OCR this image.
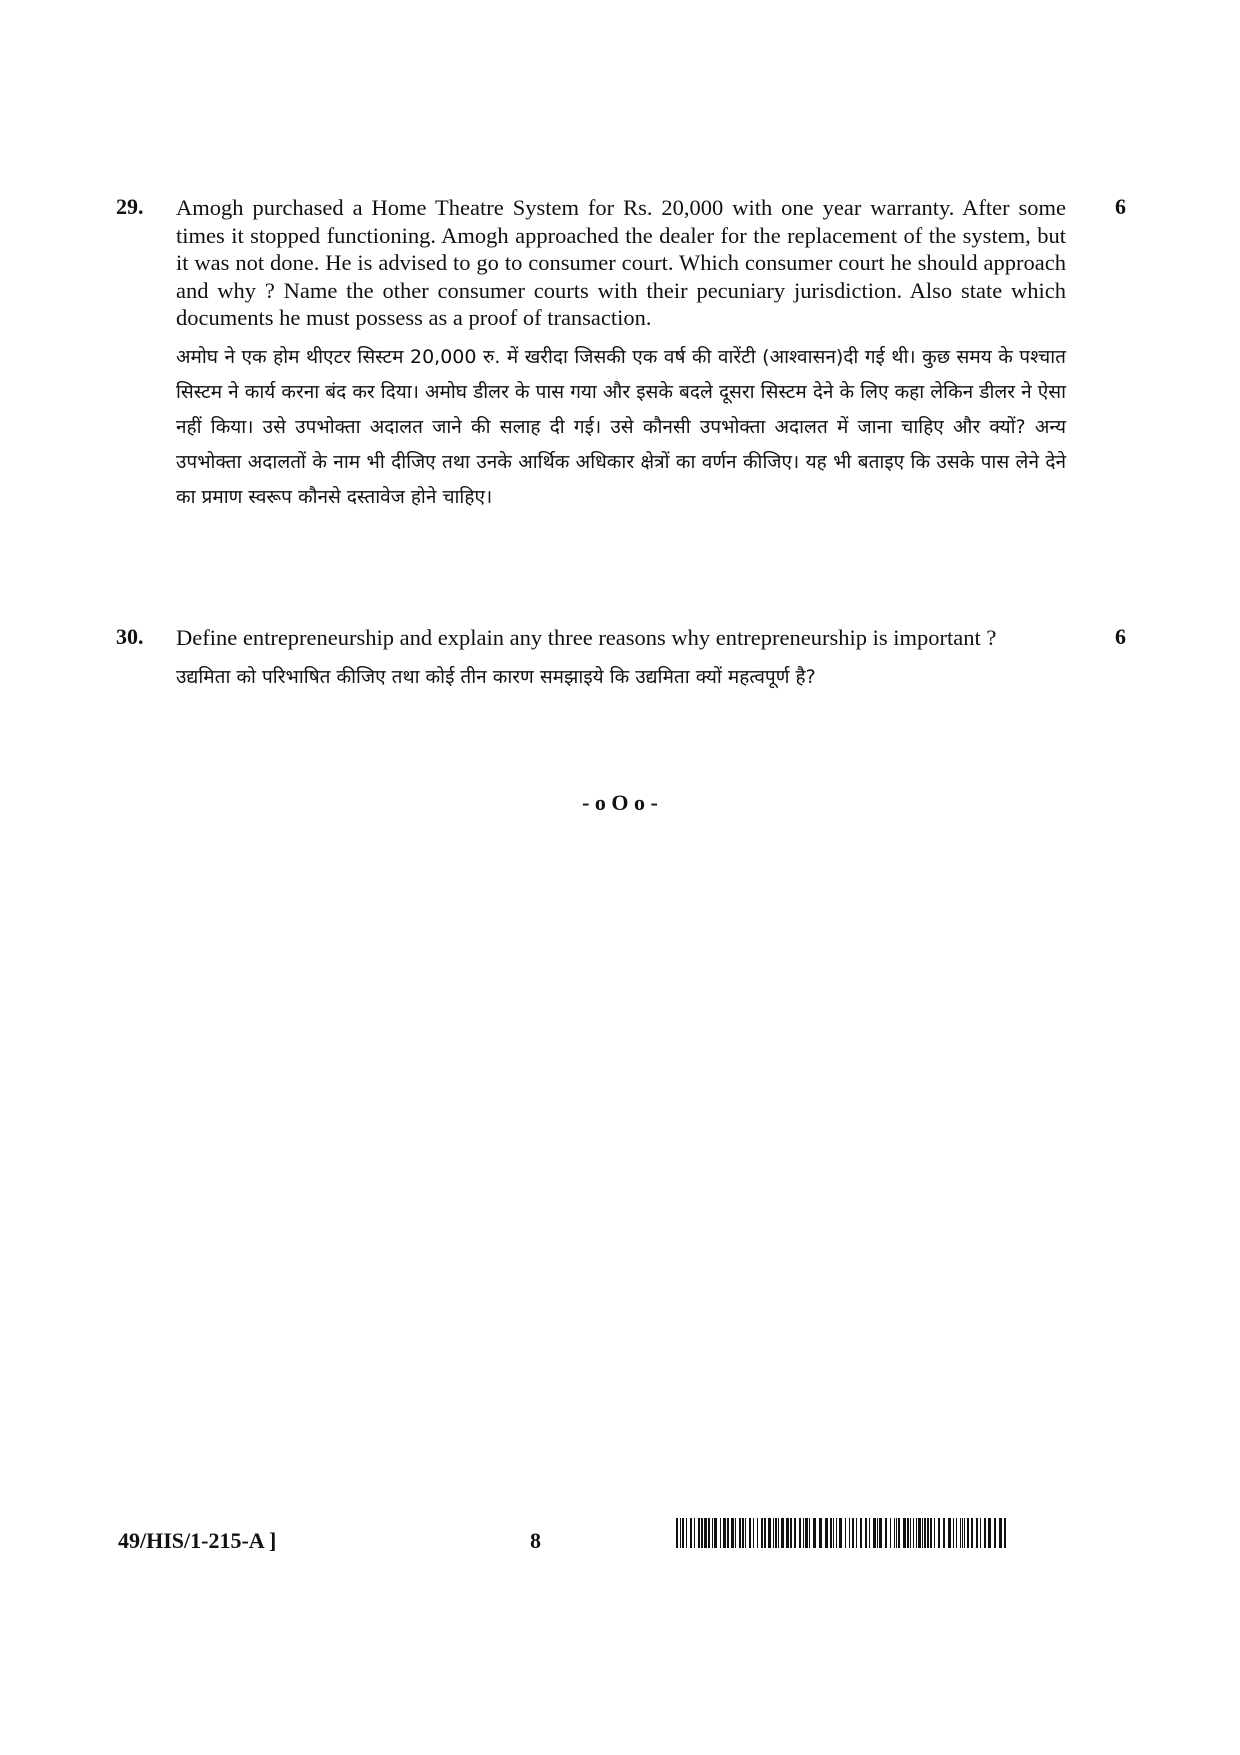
29.	6

Amogh purchased a Home Theatre System for Rs. 20,000 with one year warranty. After some times it stopped functioning. Amogh approached the dealer for the replacement of the system, but it was not done. He is advised to go to consumer court. Which consumer court he should approach and why ? Name the other consumer courts with their pecuniary jurisdiction. Also state which documents he must possess as a proof of transaction.

अमोघ ने एक होम थीएटर सिस्टम 20,000 रु. में खरीदा जिसकी एक वर्ष की वारेंटी (आश्वासन)दी गई थी। कुछ समय के पश्चात सिस्टम ने कार्य करना बंद कर दिया। अमोघ डीलर के पास गया और इसके बदले दूसरा सिस्टम देने के लिए कहा लेकिन डीलर ने ऐसा नहीं किया। उसे उपभोक्ता अदालत जाने की सलाह दी गई। उसे कौनसी उपभोक्ता अदालत में जाना चाहिए और क्यों? अन्य उपभोक्ता अदालतों के नाम भी दीजिए तथा उनके आर्थिक अधिकार क्षेत्रों का वर्णन कीजिए। यह भी बताइए कि उसके पास लेने देने का प्रमाण स्वरूप कौनसे दस्तावेज होने चाहिए।

30.	6

Define entrepreneurship and explain any three reasons why entrepreneurship is important ?

उद्यमिता को परिभाषित कीजिए तथा कोई तीन कारण समझाइये कि उद्यमिता क्यों महत्वपूर्ण है?

- o O o -
49/HIS/1-215-A ]	8
